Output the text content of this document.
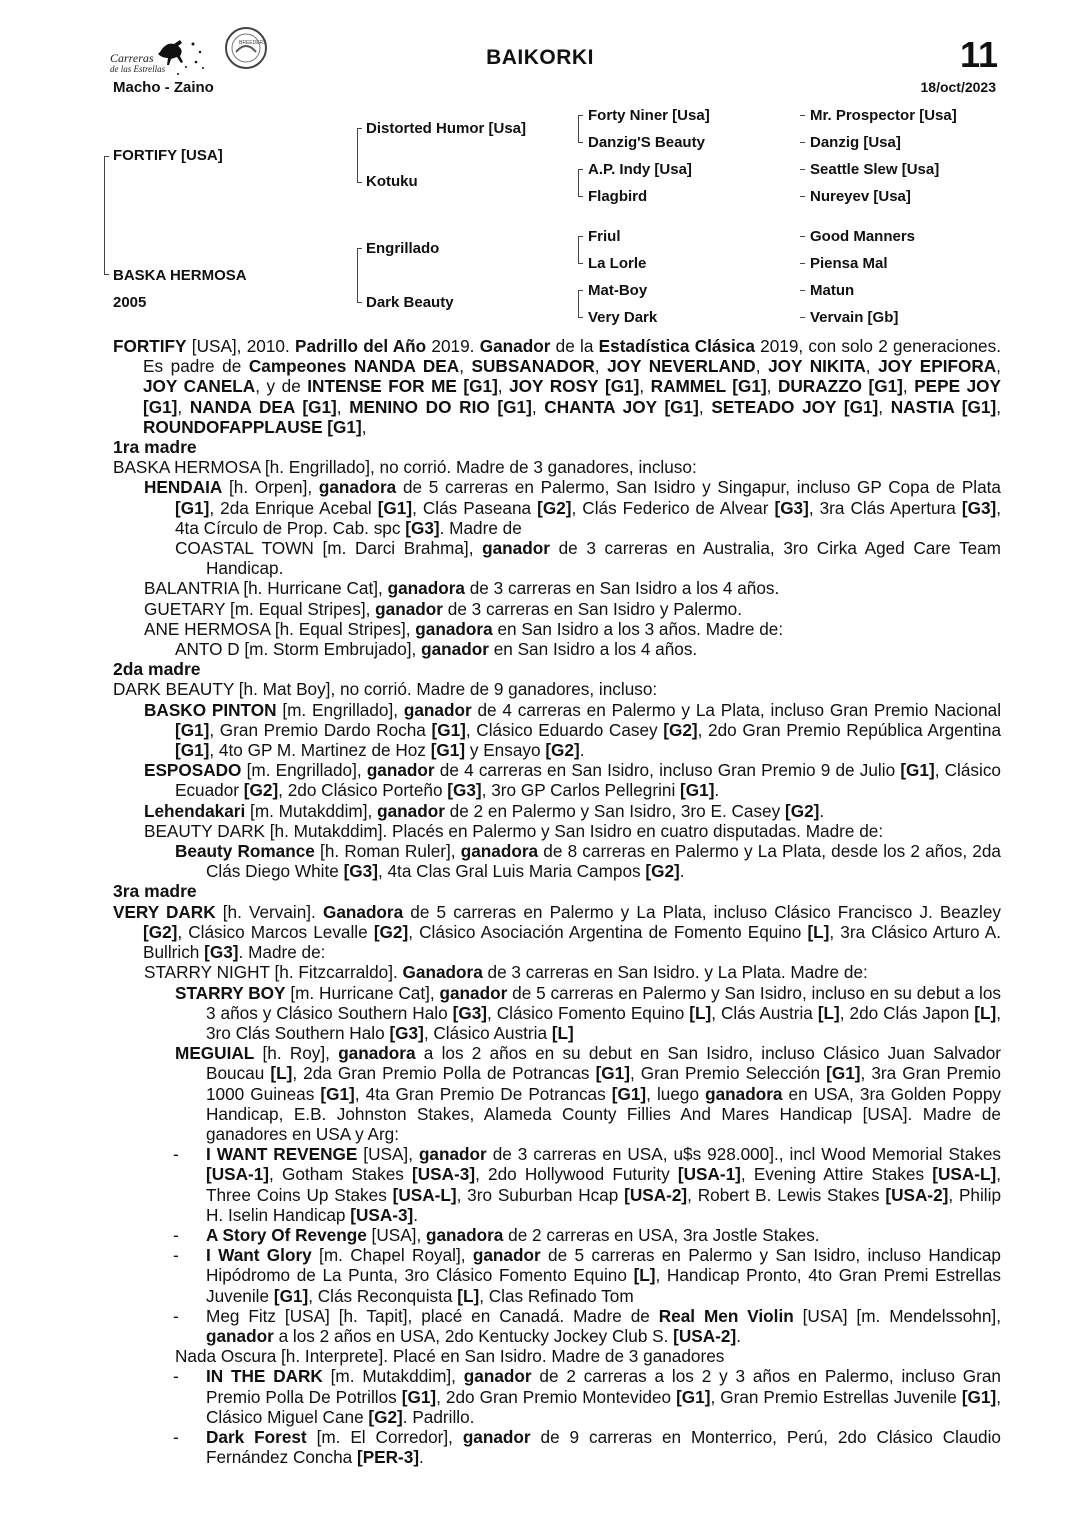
Carreras
de las Estrellas
BREEDERS
BAIKORKI	11
Macho - Zaino	18/oct/2023
FORTIFY [USA]
BASKA HERMOSA
2005
Distorted Humor [Usa]
Kotuku
Engrillado
Dark Beauty
Forty Niner [Usa]
Danzig'S Beauty
A.P. Indy [Usa]
Flagbird
Friul
La Lorle
Mat-Boy
Very Dark
Mr. Prospector [Usa]
Danzig [Usa]
Seattle Slew [Usa]
Nureyev [Usa]
Good Manners
Piensa Mal
Matun
Vervain [Gb]
FORTIFY [USA], 2010. Padrillo del Año 2019. Ganador de la Estadística Clásica 2019, con solo 2 generaciones. Es padre de Campeones NANDA DEA, SUBSANADOR, JOY NEVERLAND, JOY NIKITA, JOY EPIFORA, JOY CANELA, y de INTENSE FOR ME [G1], JOY ROSY [G1], RAMMEL [G1], DURAZZO [G1], PEPE JOY [G1], NANDA DEA [G1], MENINO DO RIO [G1], CHANTA JOY [G1], SETEADO JOY [G1], NASTIA [G1], ROUNDOFAPPLAUSE [G1],
1ra madre
BASKA HERMOSA [h. Engrillado], no corrió. Madre de 3 ganadores, incluso:
HENDAIA [h. Orpen], ganadora de 5 carreras en Palermo, San Isidro y Singapur, incluso GP Copa de Plata [G1], 2da Enrique Acebal [G1], Clás Paseana [G2], Clás Federico de Alvear [G3], 3ra Clás Apertura [G3], 4ta Círculo de Prop. Cab. spc [G3]. Madre de
COASTAL TOWN [m. Darci Brahma], ganador de 3 carreras en Australia, 3ro Cirka Aged Care Team Handicap.
BALANTRIA [h. Hurricane Cat], ganadora de 3 carreras en San Isidro a los 4 años.
GUETARY [m. Equal Stripes], ganador de 3 carreras en San Isidro y Palermo.
ANE HERMOSA [h. Equal Stripes], ganadora en San Isidro a los 3 años. Madre de:
ANTO D [m. Storm Embrujado], ganador en San Isidro a los 4 años.
2da madre
DARK BEAUTY [h. Mat Boy], no corrió. Madre de 9 ganadores, incluso:
BASKO PINTON [m. Engrillado], ganador de 4 carreras en Palermo y La Plata, incluso Gran Premio Nacional [G1], Gran Premio Dardo Rocha [G1], Clásico Eduardo Casey [G2], 2do Gran Premio República Argentina [G1], 4to GP M. Martinez de Hoz [G1] y Ensayo [G2].
ESPOSADO [m. Engrillado], ganador de 4 carreras en San Isidro, incluso Gran Premio 9 de Julio [G1], Clásico Ecuador [G2], 2do Clásico Porteño [G3], 3ro GP Carlos Pellegrini [G1].
Lehendakari [m. Mutakddim], ganador de 2 en Palermo y San Isidro, 3ro E. Casey [G2].
BEAUTY DARK [h. Mutakddim]. Placés en Palermo y San Isidro en cuatro disputadas. Madre de:
Beauty Romance [h. Roman Ruler], ganadora de 8 carreras en Palermo y La Plata, desde los 2 años, 2da Clás Diego White [G3], 4ta Clas Gral Luis Maria Campos [G2].
3ra madre
VERY DARK [h. Vervain]. Ganadora de 5 carreras en Palermo y La Plata, incluso Clásico Francisco J. Beazley [G2], Clásico Marcos Levalle [G2], Clásico Asociación Argentina de Fomento Equino [L], 3ra Clásico Arturo A. Bullrich [G3]. Madre de:
STARRY NIGHT [h. Fitzcarraldo]. Ganadora de 3 carreras en San Isidro. y La Plata. Madre de:
STARRY BOY [m. Hurricane Cat], ganador de 5 carreras en Palermo y San Isidro, incluso en su debut a los 3 años y Clásico Southern Halo [G3], Clásico Fomento Equino [L], Clás Austria [L], 2do Clás Japon [L], 3ro Clás Southern Halo [G3], Clásico Austria [L]
MEGUIAL [h. Roy], ganadora a los 2 años en su debut en San Isidro, incluso Clásico Juan Salvador Boucau [L], 2da Gran Premio Polla de Potrancas [G1], Gran Premio Selección [G1], 3ra Gran Premio 1000 Guineas [G1], 4ta Gran Premio De Potrancas [G1], luego ganadora en USA, 3ra Golden Poppy Handicap, E.B. Johnston Stakes, Alameda County Fillies And Mares Handicap [USA]. Madre de ganadores en USA y Arg:
- I WANT REVENGE [USA], ganador de 3 carreras en USA, u$s 928.000]., incl Wood Memorial Stakes [USA-1], Gotham Stakes [USA-3], 2do Hollywood Futurity [USA-1], Evening Attire Stakes [USA-L], Three Coins Up Stakes [USA-L], 3ro Suburban Hcap [USA-2], Robert B. Lewis Stakes [USA-2], Philip H. Iselin Handicap [USA-3].
- A Story Of Revenge [USA], ganadora de 2 carreras en USA, 3ra Jostle Stakes.
- I Want Glory [m. Chapel Royal], ganador de 5 carreras en Palermo y San Isidro, incluso Handicap Hipódromo de La Punta, 3ro Clásico Fomento Equino [L], Handicap Pronto, 4to Gran Premi Estrellas Juvenile [G1], Clás Reconquista [L], Clas Refinado Tom
- Meg Fitz [USA] [h. Tapit], placé en Canadá. Madre de Real Men Violin [USA] [m. Mendelssohn], ganador a los 2 años en USA, 2do Kentucky Jockey Club S. [USA-2].
Nada Oscura [h. Interprete]. Placé en San Isidro. Madre de 3 ganadores
- IN THE DARK [m. Mutakddim], ganador de 2 carreras a los 2 y 3 años en Palermo, incluso Gran Premio Polla De Potrillos [G1], 2do Gran Premio Montevideo [G1], Gran Premio Estrellas Juvenile [G1], Clásico Miguel Cane [G2]. Padrillo.
- Dark Forest [m. El Corredor], ganador de 9 carreras en Monterrico, Perú, 2do Clásico Claudio Fernández Concha [PER-3].
